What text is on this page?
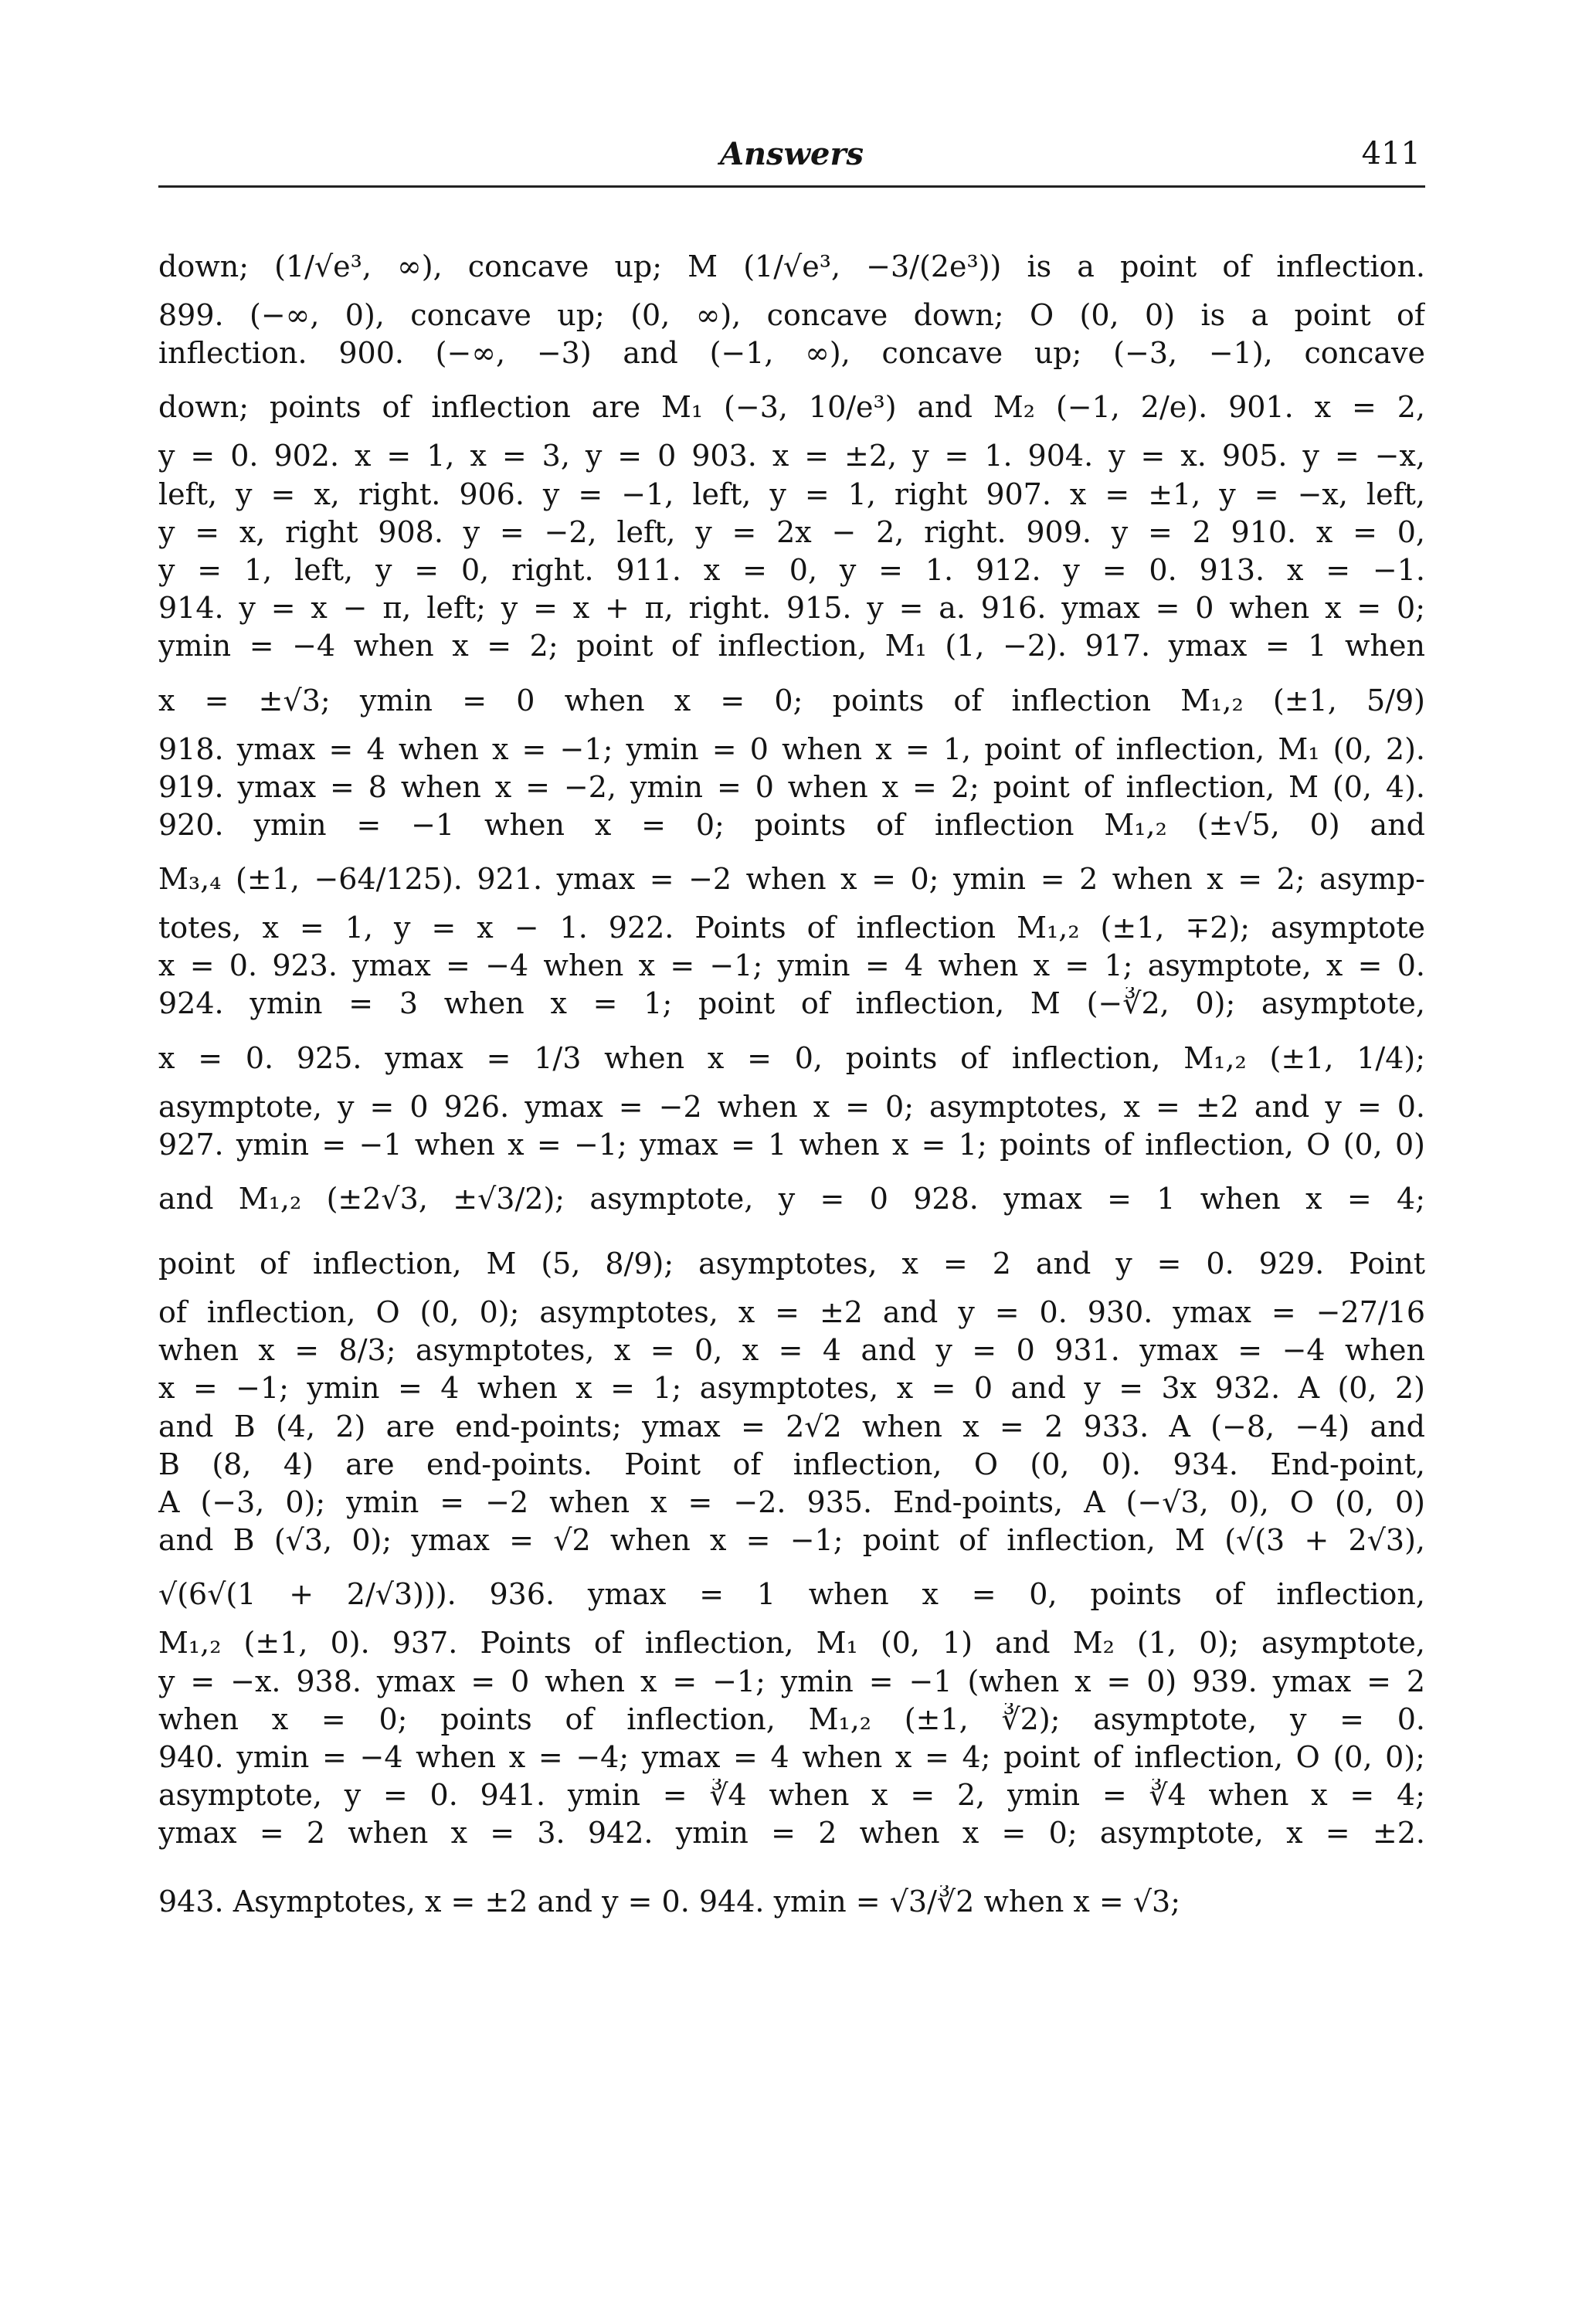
Answers	411

down; (1/√e³, ∞), concave up; M (1/√e³, −3/(2e³)) is a point of inflection.

899. (−∞, 0), concave up; (0, ∞), concave down; O (0, 0) is a point of

inflection. 900. (−∞, −3) and (−1, ∞), concave up; (−3, −1), concave

down; points of inflection are M₁ (−3, 10/e³) and M₂ (−1, 2/e). 901. x = 2,

y = 0. 902. x = 1, x = 3, y = 0 903. x = ±2, y = 1. 904. y = x. 905. y = −x,

left, y = x, right. 906. y = −1, left, y = 1, right 907. x = ±1, y = −x, left,

y = x, right 908. y = −2, left, y = 2x − 2, right. 909. y = 2 910. x = 0,

y = 1, left, y = 0, right. 911. x = 0, y = 1. 912. y = 0. 913. x = −1.

914. y = x − π, left; y = x + π, right. 915. y = a. 916. ymax = 0 when x = 0;

ymin = −4 when x = 2; point of inflection, M₁ (1, −2). 917. ymax = 1 when

x = ±√3; ymin = 0 when x = 0; points of inflection M₁,₂ (±1, 5/9)

918. ymax = 4 when x = −1; ymin = 0 when x = 1, point of inflection, M₁ (0, 2).

919. ymax = 8 when x = −2, ymin = 0 when x = 2; point of inflection, M (0, 4).

920. ymin = −1 when x = 0; points of inflection M₁,₂ (±√5, 0) and

M₃,₄ (±1, −64/125). 921. ymax = −2 when x = 0; ymin = 2 when x = 2; asymp-

totes, x = 1, y = x − 1. 922. Points of inflection M₁,₂ (±1, ∓2); asymptote

x = 0. 923. ymax = −4 when x = −1; ymin = 4 when x = 1; asymptote, x = 0.

924. ymin = 3 when x = 1; point of inflection, M (−∛2, 0); asymptote,

x = 0. 925. ymax = 1/3 when x = 0, points of inflection, M₁,₂ (±1, 1/4);

asymptote, y = 0 926. ymax = −2 when x = 0; asymptotes, x = ±2 and y = 0.

927. ymin = −1 when x = −1; ymax = 1 when x = 1; points of inflection, O (0, 0)

and M₁,₂ (±2√3, ±√3/2); asymptote, y = 0 928. ymax = 1 when x = 4;

point of inflection, M (5, 8/9); asymptotes, x = 2 and y = 0. 929. Point

of inflection, O (0, 0); asymptotes, x = ±2 and y = 0. 930. ymax = −27/16

when x = 8/3; asymptotes, x = 0, x = 4 and y = 0 931. ymax = −4 when

x = −1; ymin = 4 when x = 1; asymptotes, x = 0 and y = 3x 932. A (0, 2)

and B (4, 2) are end-points; ymax = 2√2 when x = 2 933. A (−8, −4) and

B (8, 4) are end-points. Point of inflection, O (0, 0). 934. End-point,

A (−3, 0); ymin = −2 when x = −2. 935. End-points, A (−√3, 0), O (0, 0)

and B (√3, 0); ymax = √2 when x = −1; point of inflection, M (√(3 + 2√3),

√(6√(1 + 2/√3))). 936. ymax = 1 when x = 0, points of inflection,

M₁,₂ (±1, 0). 937. Points of inflection, M₁ (0, 1) and M₂ (1, 0); asymptote,

y = −x. 938. ymax = 0 when x = −1; ymin = −1 (when x = 0) 939. ymax = 2

when x = 0; points of inflection, M₁,₂ (±1, ∛2); asymptote, y = 0.

940. ymin = −4 when x = −4; ymax = 4 when x = 4; point of inflection, O (0, 0);

asymptote, y = 0. 941. ymin = ∛4 when x = 2, ymin = ∛4 when x = 4;

ymax = 2 when x = 3. 942. ymin = 2 when x = 0; asymptote, x = ±2.

943. Asymptotes, x = ±2 and y = 0. 944. ymin = √3/∛2 when x = √3;
